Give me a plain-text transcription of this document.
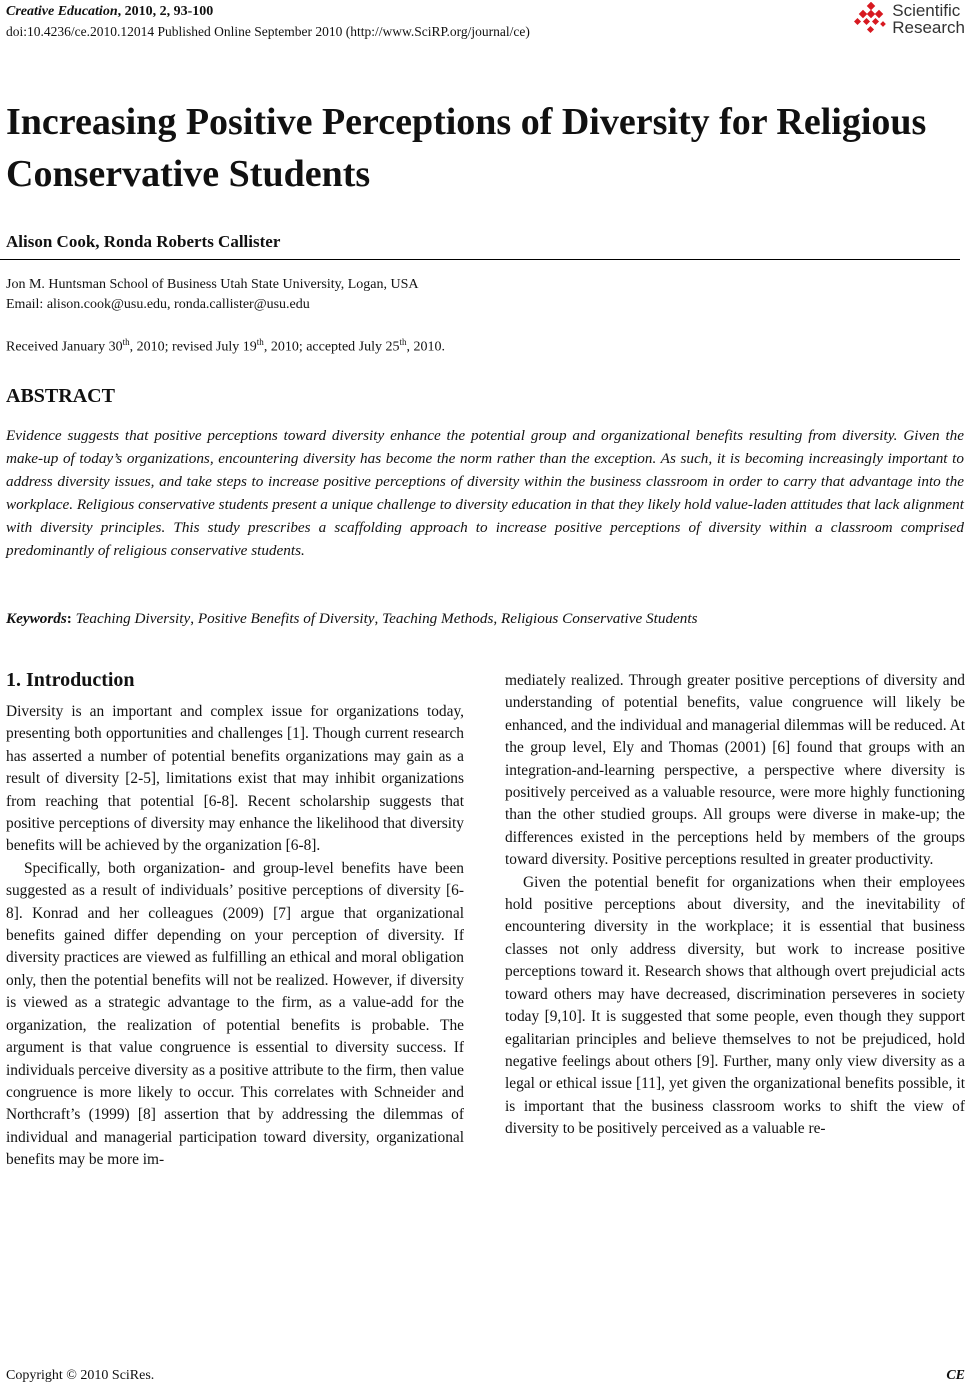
Creative Education, 2010, 2, 93-100
doi:10.4236/ce.2010.12014 Published Online September 2010 (http://www.SciRP.org/journal/ce)
Scientific
Research
Increasing Positive Perceptions of Diversity for Religious Conservative Students
Alison Cook, Ronda Roberts Callister
Jon M. Huntsman School of Business Utah State University, Logan, USA
Email: alison.cook@usu.edu, ronda.callister@usu.edu
Received January 30th, 2010; revised July 19th, 2010; accepted July 25th, 2010.
ABSTRACT

Evidence suggests that positive perceptions toward diversity enhance the potential group and organizational benefits resulting from diversity. Given the make-up of today’s organizations, encountering diversity has become the norm rather than the exception. As such, it is becoming increasingly important to address diversity issues, and take steps to increase positive perceptions of diversity within the business classroom in order to carry that advantage into the workplace. Religious conservative students present a unique challenge to diversity education in that they likely hold value-laden attitudes that lack alignment with diversity principles. This study prescribes a scaffolding approach to increase positive perceptions of diversity within a classroom comprised predominantly of religious conservative students.

Keywords: Teaching Diversity, Positive Benefits of Diversity, Teaching Methods, Religious Conservative Students
1. Introduction

Diversity is an important and complex issue for organizations today, presenting both opportunities and challenges [1]. Though current research has asserted a number of potential benefits organizations may gain as a result of diversity [2-5], limitations exist that may inhibit organizations from reaching that potential [6-8]. Recent scholarship suggests that positive perceptions of diversity may enhance the likelihood that diversity benefits will be achieved by the organization [6-8].

Specifically, both organization- and group-level benefits have been suggested as a result of individuals’ positive perceptions of diversity [6-8]. Konrad and her colleagues (2009) [7] argue that organizational benefits gained differ depending on your perception of diversity. If diversity practices are viewed as fulfilling an ethical and moral obligation only, then the potential benefits will not be realized. However, if diversity is viewed as a strategic advantage to the firm, as a value-add for the organization, the realization of potential benefits is probable. The argument is that value congruence is essential to diversity success. If individuals perceive diversity as a positive attribute to the firm, then value congruence is more likely to occur. This correlates with Schneider and Northcraft’s (1999) [8] assertion that by addressing the dilemmas of individual and managerial participation toward diversity, organizational benefits may be more im-

mediately realized. Through greater positive perceptions of diversity and understanding of potential benefits, value congruence will likely be enhanced, and the individual and managerial dilemmas will be reduced. At the group level, Ely and Thomas (2001) [6] found that groups with an integration-and-learning perspective, a perspective where diversity is positively perceived as a valuable resource, were more highly functioning than the other studied groups. All groups were diverse in make-up; the differences existed in the perceptions held by members of the groups toward diversity. Positive perceptions resulted in greater productivity.

Given the potential benefit for organizations when their employees hold positive perceptions about diversity, and the inevitability of encountering diversity in the workplace; it is essential that business classes not only address diversity, but work to increase positive perceptions toward it. Research shows that although overt prejudicial acts toward others may have decreased, discrimination perseveres in society today [9,10]. It is suggested that some people, even though they support egalitarian principles and believe themselves to not be prejudiced, hold negative feelings about others [9]. Further, many only view diversity as a legal or ethical issue [11], yet given the organizational benefits possible, it is important that the business classroom works to shift the view of diversity to be positively perceived as a valuable re-

Copyright © 2010 SciRes.	CE
